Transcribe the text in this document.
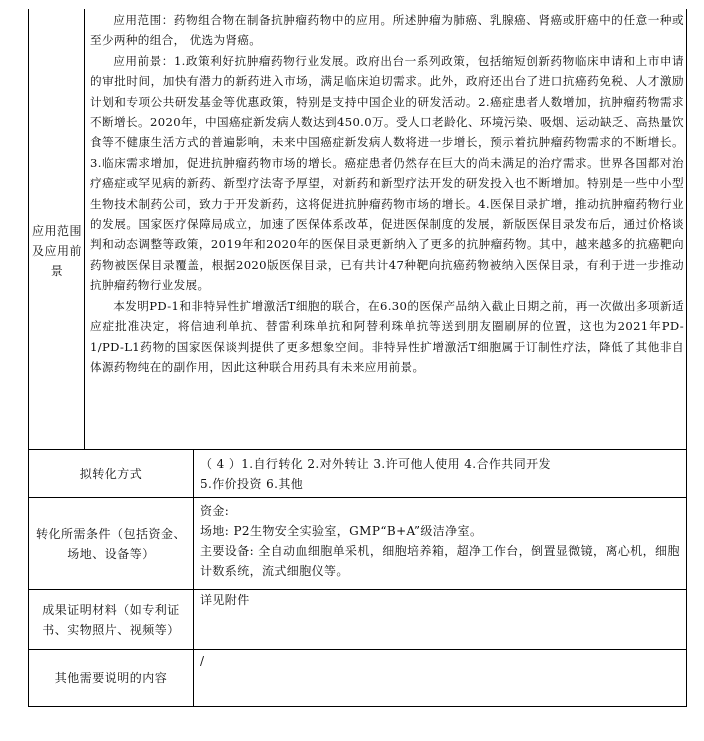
应用范围及应用前景

应用范围：药物组合物在制备抗肿瘤药物中的应用。所述肿瘤为肺癌、乳腺癌、肾癌或肝癌中的任意一种或至少两种的组合， 优选为肾癌。

应用前景：1.政策利好抗肿瘤药物行业发展。政府出台一系列政策，包括缩短创新药物临床申请和上市申请的审批时间，加快有潜力的新药进入市场，满足临床迫切需求。此外，政府还出台了进口抗癌药免税、人才激励计划和专项公共研发基金等优惠政策，特别是支持中国企业的研发活动。2.癌症患者人数增加，抗肿瘤药物需求不断增长。2020年，中国癌症新发病人数达到450.0万。受人口老龄化、环境污染、吸烟、运动缺乏、高热量饮食等不健康生活方式的普遍影响，未来中国癌症新发病人数将进一步增长，预示着抗肿瘤药物需求的不断增长。3.临床需求增加，促进抗肿瘤药物市场的增长。癌症患者仍然存在巨大的尚未满足的治疗需求。世界各国都对治疗癌症或罕见病的新药、新型疗法寄予厚望，对新药和新型疗法开发的研发投入也不断增加。特别是一些中小型生物技术制药公司，致力于开发新药，这将促进抗肿瘤药物市场的增长。4.医保目录扩增，推动抗肿瘤药物行业的发展。国家医疗保障局成立，加速了医保体系改革，促进医保制度的发展，新版医保目录发布后，通过价格谈判和动态调整等政策，2019年和2020年的医保目录更新纳入了更多的抗肿瘤药物。其中，越来越多的抗癌靶向药物被医保目录覆盖，根据2020版医保目录，已有共计47种靶向抗癌药物被纳入医保目录，有利于进一步推动抗肿瘤药物行业发展。

本发明PD-1和非特异性扩增激活T细胞的联合，在6.30的医保产品纳入截止日期之前，再一次做出多项新适应症批准决定，将信迪利单抗、替雷利珠单抗和阿替利珠单抗等送到朋友圈刷屏的位置，这也为2021年PD-1/PD-L1药物的国家医保谈判提供了更多想象空间。非特异性扩增激活T细胞属于订制性疗法，降低了其他非自体源药物纯在的副作用，因此这种联合用药具有未来应用前景。

拟转化方式

（ 4 ）1.自行转化 2.对外转让 3.许可他人使用 4.合作共同开发

5.作价投资 6.其他

转化所需条件（包括资金、场地、设备等）

资金:

场地: P2生物安全实验室，GMP“B+A”级洁净室。

主要设备: 全自动血细胞单采机，细胞培养箱，超净工作台，倒置显微镜，离心机，细胞计数系统，流式细胞仪等。

成果证明材料（如专利证书、实物照片、视频等）

详见附件

其他需要说明的内容

/
